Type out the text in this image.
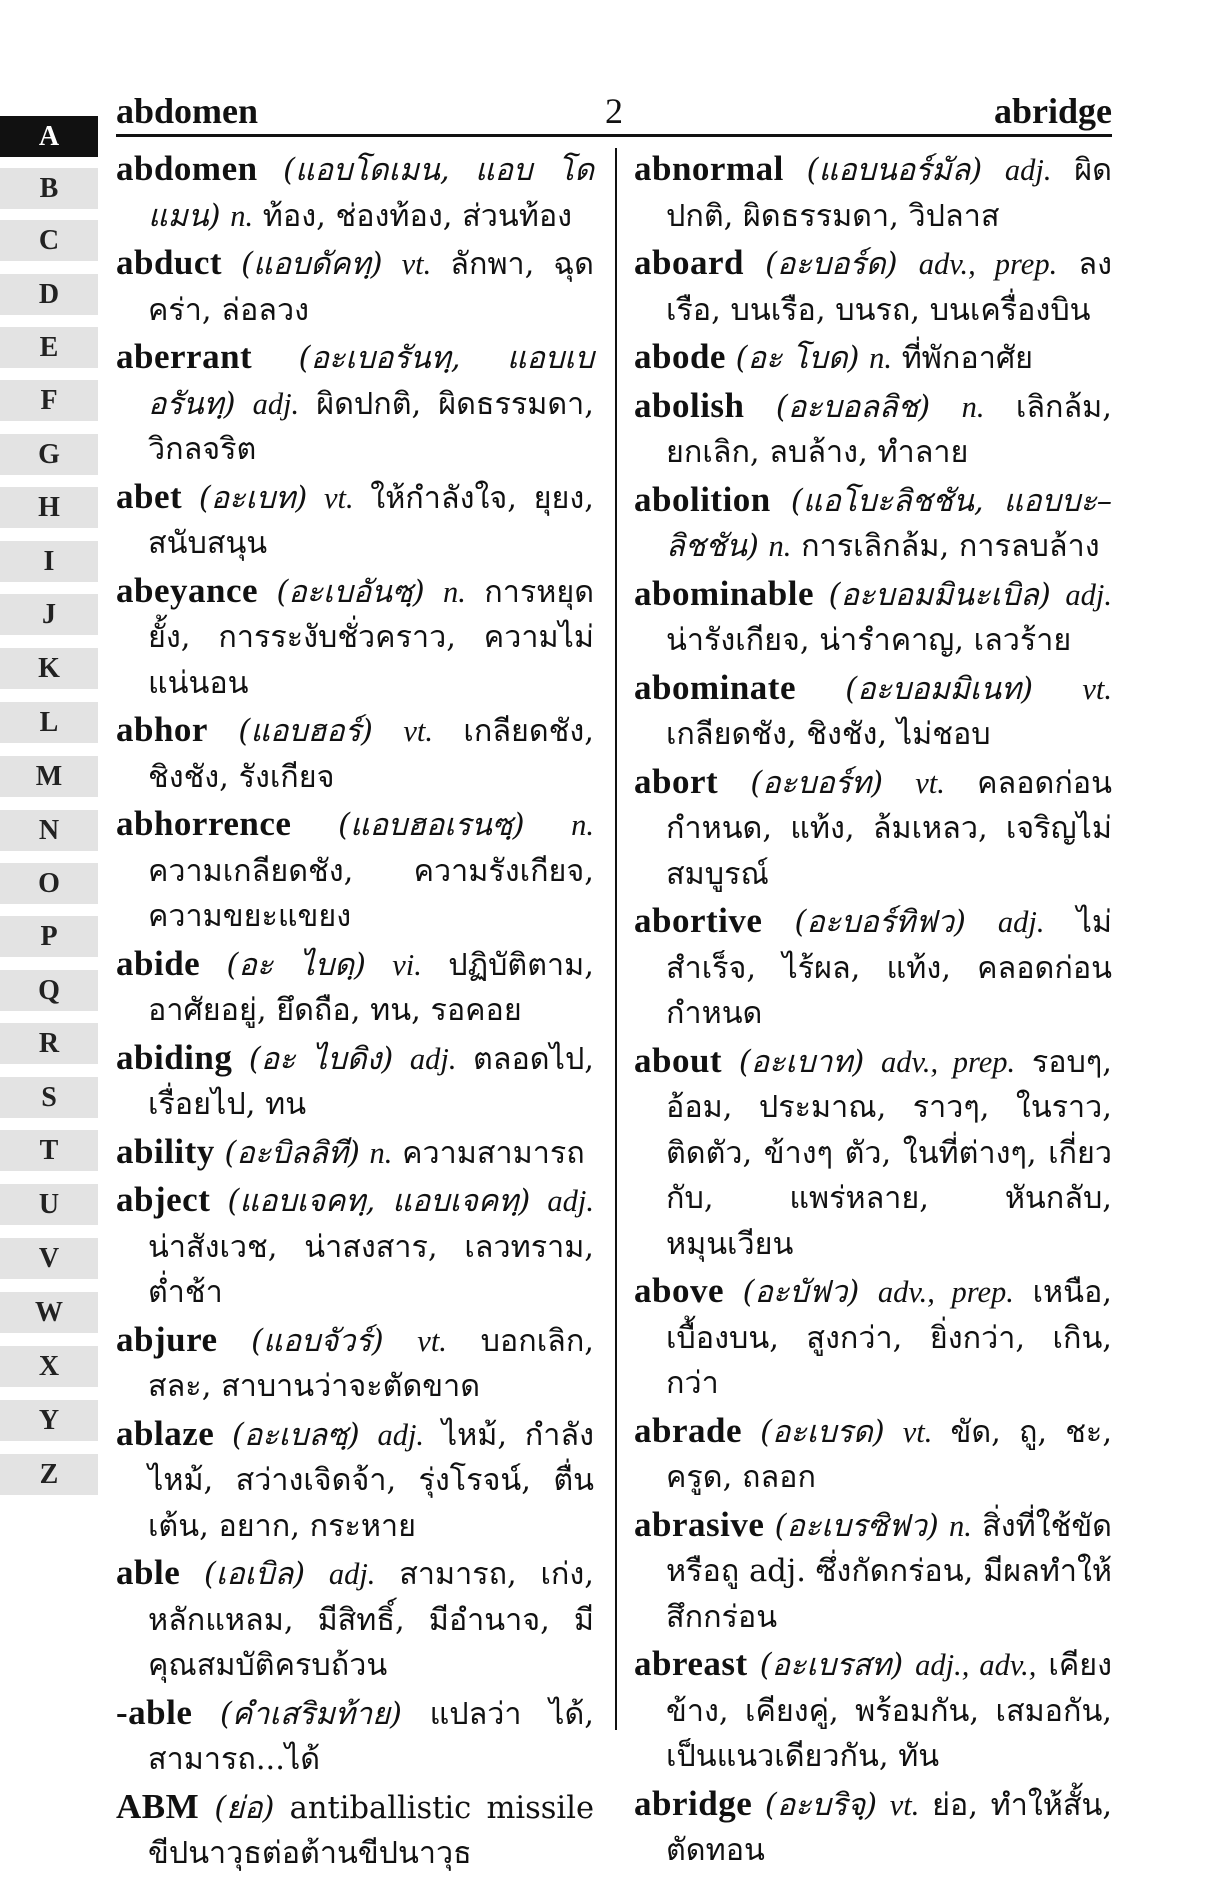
A
B
C
D
E
F
G
H
I
J
K
L
M
N
O
P
Q
R
S
T
U
V
W
X
Y
Z
abdomen	2	abridge
abdomen (แอบโดเมน, แอบ โดแมน) n. ท้อง, ช่องท้อง, ส่วนท้อง
abduct (แอบดัคทฺ) vt. ลักพา, ฉุดคร่า, ล่อลวง
aberrant (อะเบอรันทฺ, แอบเบอรันทฺ) adj. ผิดปกติ, ผิดธรรมดา, วิกลจริต
abet (อะเบท) vt. ให้กำลังใจ, ยุยง, สนับสนุน
abeyance (อะเบอันซฺ) n. การหยุดยั้ง, การระงับชั่วคราว, ความไม่แน่นอน
abhor (แอบฮอร์) vt. เกลียดชัง, ชิงชัง, รังเกียจ
abhorrence (แอบฮอเรนซฺ) n. ความเกลียดชัง, ความรังเกียจ, ความขยะแขยง
abide (อะ ไบดฺ) vi. ปฏิบัติตาม, อาศัยอยู่, ยึดถือ, ทน, รอคอย
abiding (อะ ไบดิง) adj. ตลอดไป, เรื่อยไป, ทน
ability (อะบิลลิที) n. ความสามารถ
abject (แอบเจคทฺ, แอบเจคทฺ) adj. น่าสังเวช, น่าสงสาร, เลวทราม, ต่ำช้า
abjure (แอบจัวร์) vt. บอกเลิก, สละ, สาบานว่าจะตัดขาด
ablaze (อะเบลซฺ) adj. ไหม้, กำลังไหม้, สว่างเจิดจ้า, รุ่งโรจน์, ตื่นเต้น, อยาก, กระหาย
able (เอเบิล) adj. สามารถ, เก่ง, หลักแหลม, มีสิทธิ์, มีอำนาจ, มีคุณสมบัติครบถ้วน
-able (คำเสริมท้าย) แปลว่า ได้, สามารถ...ได้
ABM (ย่อ) antiballistic missile ขีปนาวุธต่อต้านขีปนาวุธ
abnormal (แอบนอร์มัล) adj. ผิดปกติ, ผิดธรรมดา, วิปลาส
aboard (อะบอร์ด) adv., prep. ลงเรือ, บนเรือ, บนรถ, บนเครื่องบิน
abode (อะ โบด) n. ที่พักอาศัย
abolish (อะบอลลิช) n. เลิกล้ม, ยกเลิก, ลบล้าง, ทำลาย
abolition (แอโบะลิชชัน, แอบบะ–ลิชชัน) n. การเลิกล้ม, การลบล้าง
abominable (อะบอมมินะเบิล) adj. น่ารังเกียจ, น่ารำคาญ, เลวร้าย
abominate (อะบอมมิเนท) vt. เกลียดชัง, ชิงชัง, ไม่ชอบ
abort (อะบอร์ท) vt. คลอดก่อนกำหนด, แท้ง, ล้มเหลว, เจริญไม่สมบูรณ์
abortive (อะบอร์ทิฟว) adj. ไม่สำเร็จ, ไร้ผล, แท้ง, คลอดก่อนกำหนด
about (อะเบาท) adv., prep. รอบๆ, อ้อม, ประมาณ, ราวๆ, ในราว, ติดตัว, ข้างๆ ตัว, ในที่ต่างๆ, เกี่ยวกับ, แพร่หลาย, หันกลับ, หมุนเวียน
above (อะบัฟว) adv., prep. เหนือ, เบื้องบน, สูงกว่า, ยิ่งกว่า, เกิน, กว่า
abrade (อะเบรด) vt. ขัด, ถู, ชะ, ครูด, ถลอก
abrasive (อะเบรซิฟว) n. สิ่งที่ใช้ขัดหรือถู adj. ซึ่งกัดกร่อน, มีผลทำให้สึกกร่อน
abreast (อะเบรสท) adj., adv., เคียงข้าง, เคียงคู่, พร้อมกัน, เสมอกัน, เป็นแนวเดียวกัน, ทัน
abridge (อะบริจฺ) vt. ย่อ, ทำให้สั้น, ตัดทอน
